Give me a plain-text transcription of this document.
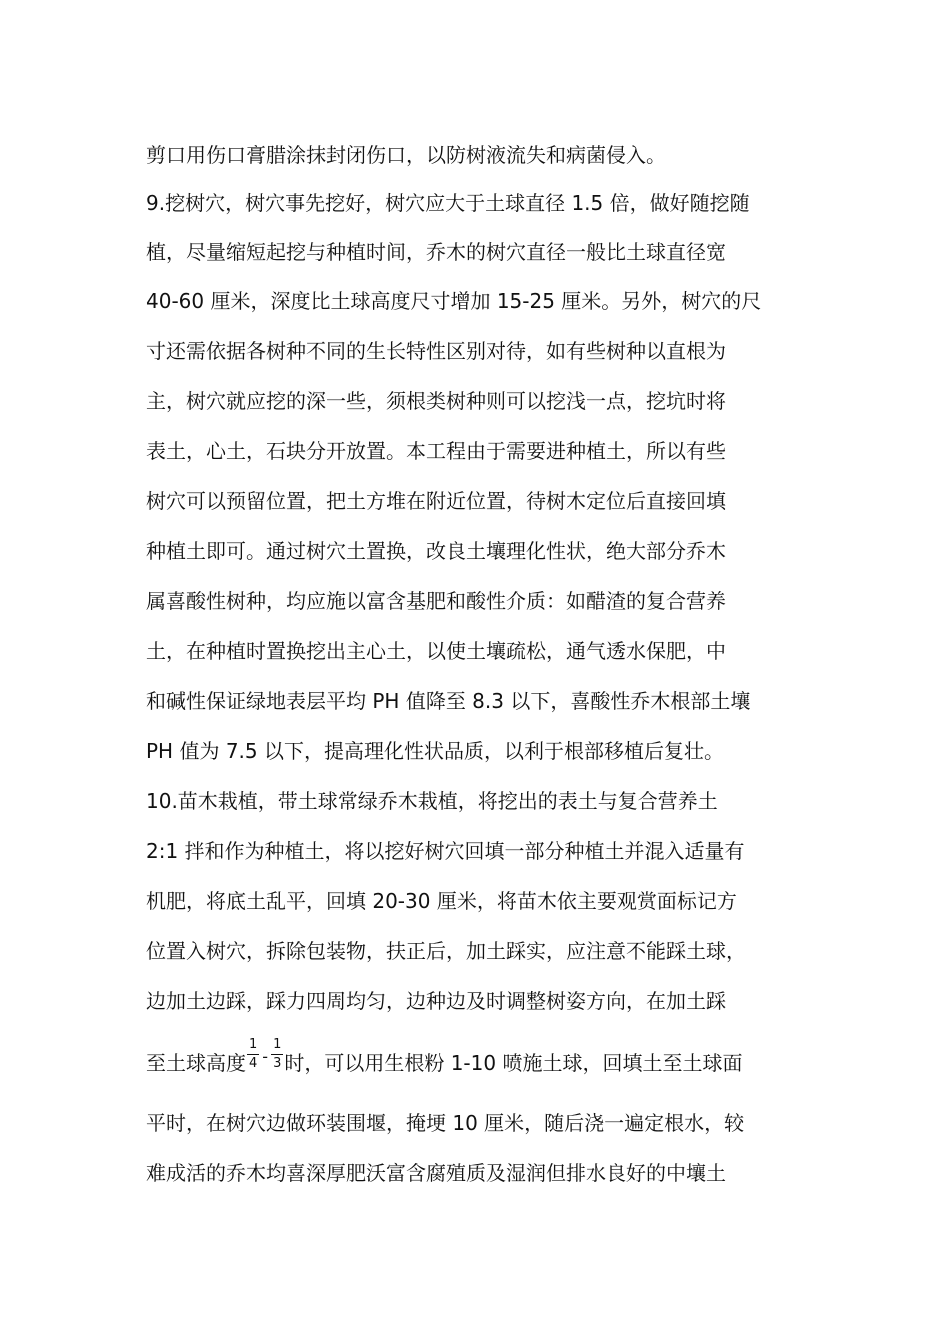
剪口用伤口膏腊涂抹封闭伤口，以防树液流失和病菌侵入。
9.挖树穴，树穴事先挖好，树穴应大于土球直径 1.5 倍，做好随挖随
植，尽量缩短起挖与种植时间，乔木的树穴直径一般比土球直径宽
40-60 厘米，深度比土球高度尺寸增加 15-25 厘米。另外，树穴的尺
寸还需依据各树种不同的生长特性区别对待，如有些树种以直根为
主，树穴就应挖的深一些，须根类树种则可以挖浅一点，挖坑时将
表土，心土，石块分开放置。本工程由于需要进种植土，所以有些
树穴可以预留位置，把土方堆在附近位置，待树木定位后直接回填
种植土即可。通过树穴土置换，改良土壤理化性状，绝大部分乔木
属喜酸性树种，均应施以富含基肥和酸性介质：如醋渣的复合营养
土，在种植时置换挖出主心土，以使土壤疏松，通气透水保肥，中
和碱性保证绿地表层平均 PH 值降至 8.3 以下，喜酸性乔木根部土壤
PH 值为 7.5 以下，提高理化性状品质，以利于根部移植后复壮。
10.苗木栽植，带土球常绿乔木栽植，将挖出的表土与复合营养土
2:1 拌和作为种植土，将以挖好树穴回填一部分种植土并混入适量有
机肥，将底土乱平，回填 20-30 厘米，将苗木依主要观赏面标记方
位置入树穴，拆除包装物，扶正后，加土踩实，应注意不能踩土球，
边加土边踩，踩力四周均匀，边种边及时调整树姿方向，在加土踩
至土球高度 $\frac{1}{4} - \frac{1}{3}$ 时，可以用生根粉 1-10 喷施土球，回填土至土球面
平时，在树穴边做环装围堰，掩埂 10 厘米，随后浇一遍定根水，较
难成活的乔木均喜深厚肥沃富含腐殖质及湿润但排水良好的中壤土
